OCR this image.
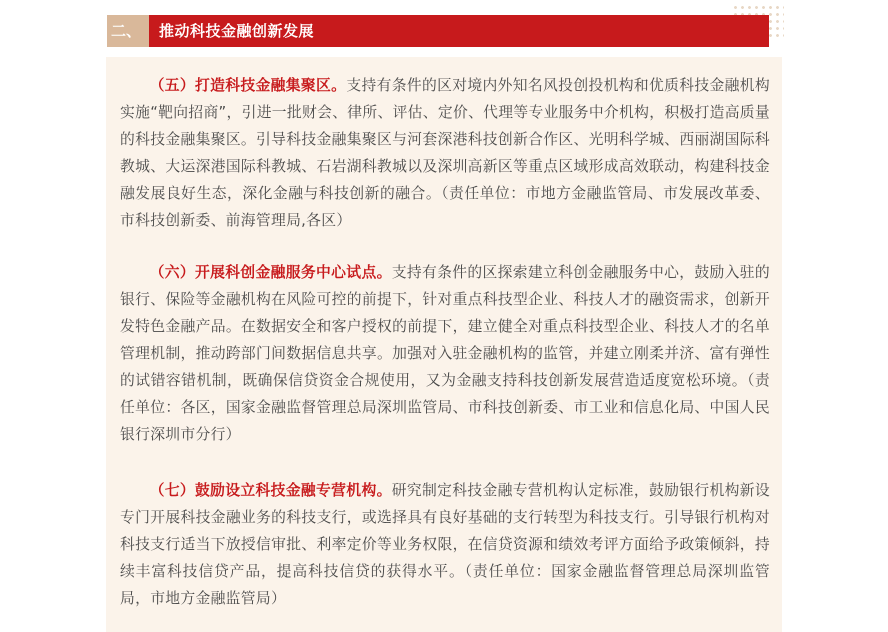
二、 推动科技金融创新发展

（五）打造科技金融集聚区。支持有条件的区对境内外知名风投创投机构和优质科技金融机构实施“靶向招商”，引进一批财会、律所、评估、定价、代理等专业服务中介机构，积极打造高质量的科技金融集聚区。引导科技金融集聚区与河套深港科技创新合作区、光明科学城、西丽湖国际科教城、大运深港国际科教城、石岩湖科教城以及深圳高新区等重点区域形成高效联动，构建科技金融发展良好生态，深化金融与科技创新的融合。（责任单位：市地方金融监管局、市发展改革委、市科技创新委、前海管理局,各区）

（六）开展科创金融服务中心试点。支持有条件的区探索建立科创金融服务中心，鼓励入驻的银行、保险等金融机构在风险可控的前提下，针对重点科技型企业、科技人才的融资需求，创新开发特色金融产品。在数据安全和客户授权的前提下，建立健全对重点科技型企业、科技人才的名单管理机制，推动跨部门间数据信息共享。加强对入驻金融机构的监管，并建立刚柔并济、富有弹性的试错容错机制，既确保信贷资金合规使用，又为金融支持科技创新发展营造适度宽松环境。（责任单位：各区，国家金融监督管理总局深圳监管局、市科技创新委、市工业和信息化局、中国人民银行深圳市分行）

（七）鼓励设立科技金融专营机构。研究制定科技金融专营机构认定标准，鼓励银行机构新设专门开展科技金融业务的科技支行，或选择具有良好基础的支行转型为科技支行。引导银行机构对科技支行适当下放授信审批、利率定价等业务权限，在信贷资源和绩效考评方面给予政策倾斜，持续丰富科技信贷产品，提高科技信贷的获得水平。（责任单位：国家金融监督管理总局深圳监管局，市地方金融监管局）
